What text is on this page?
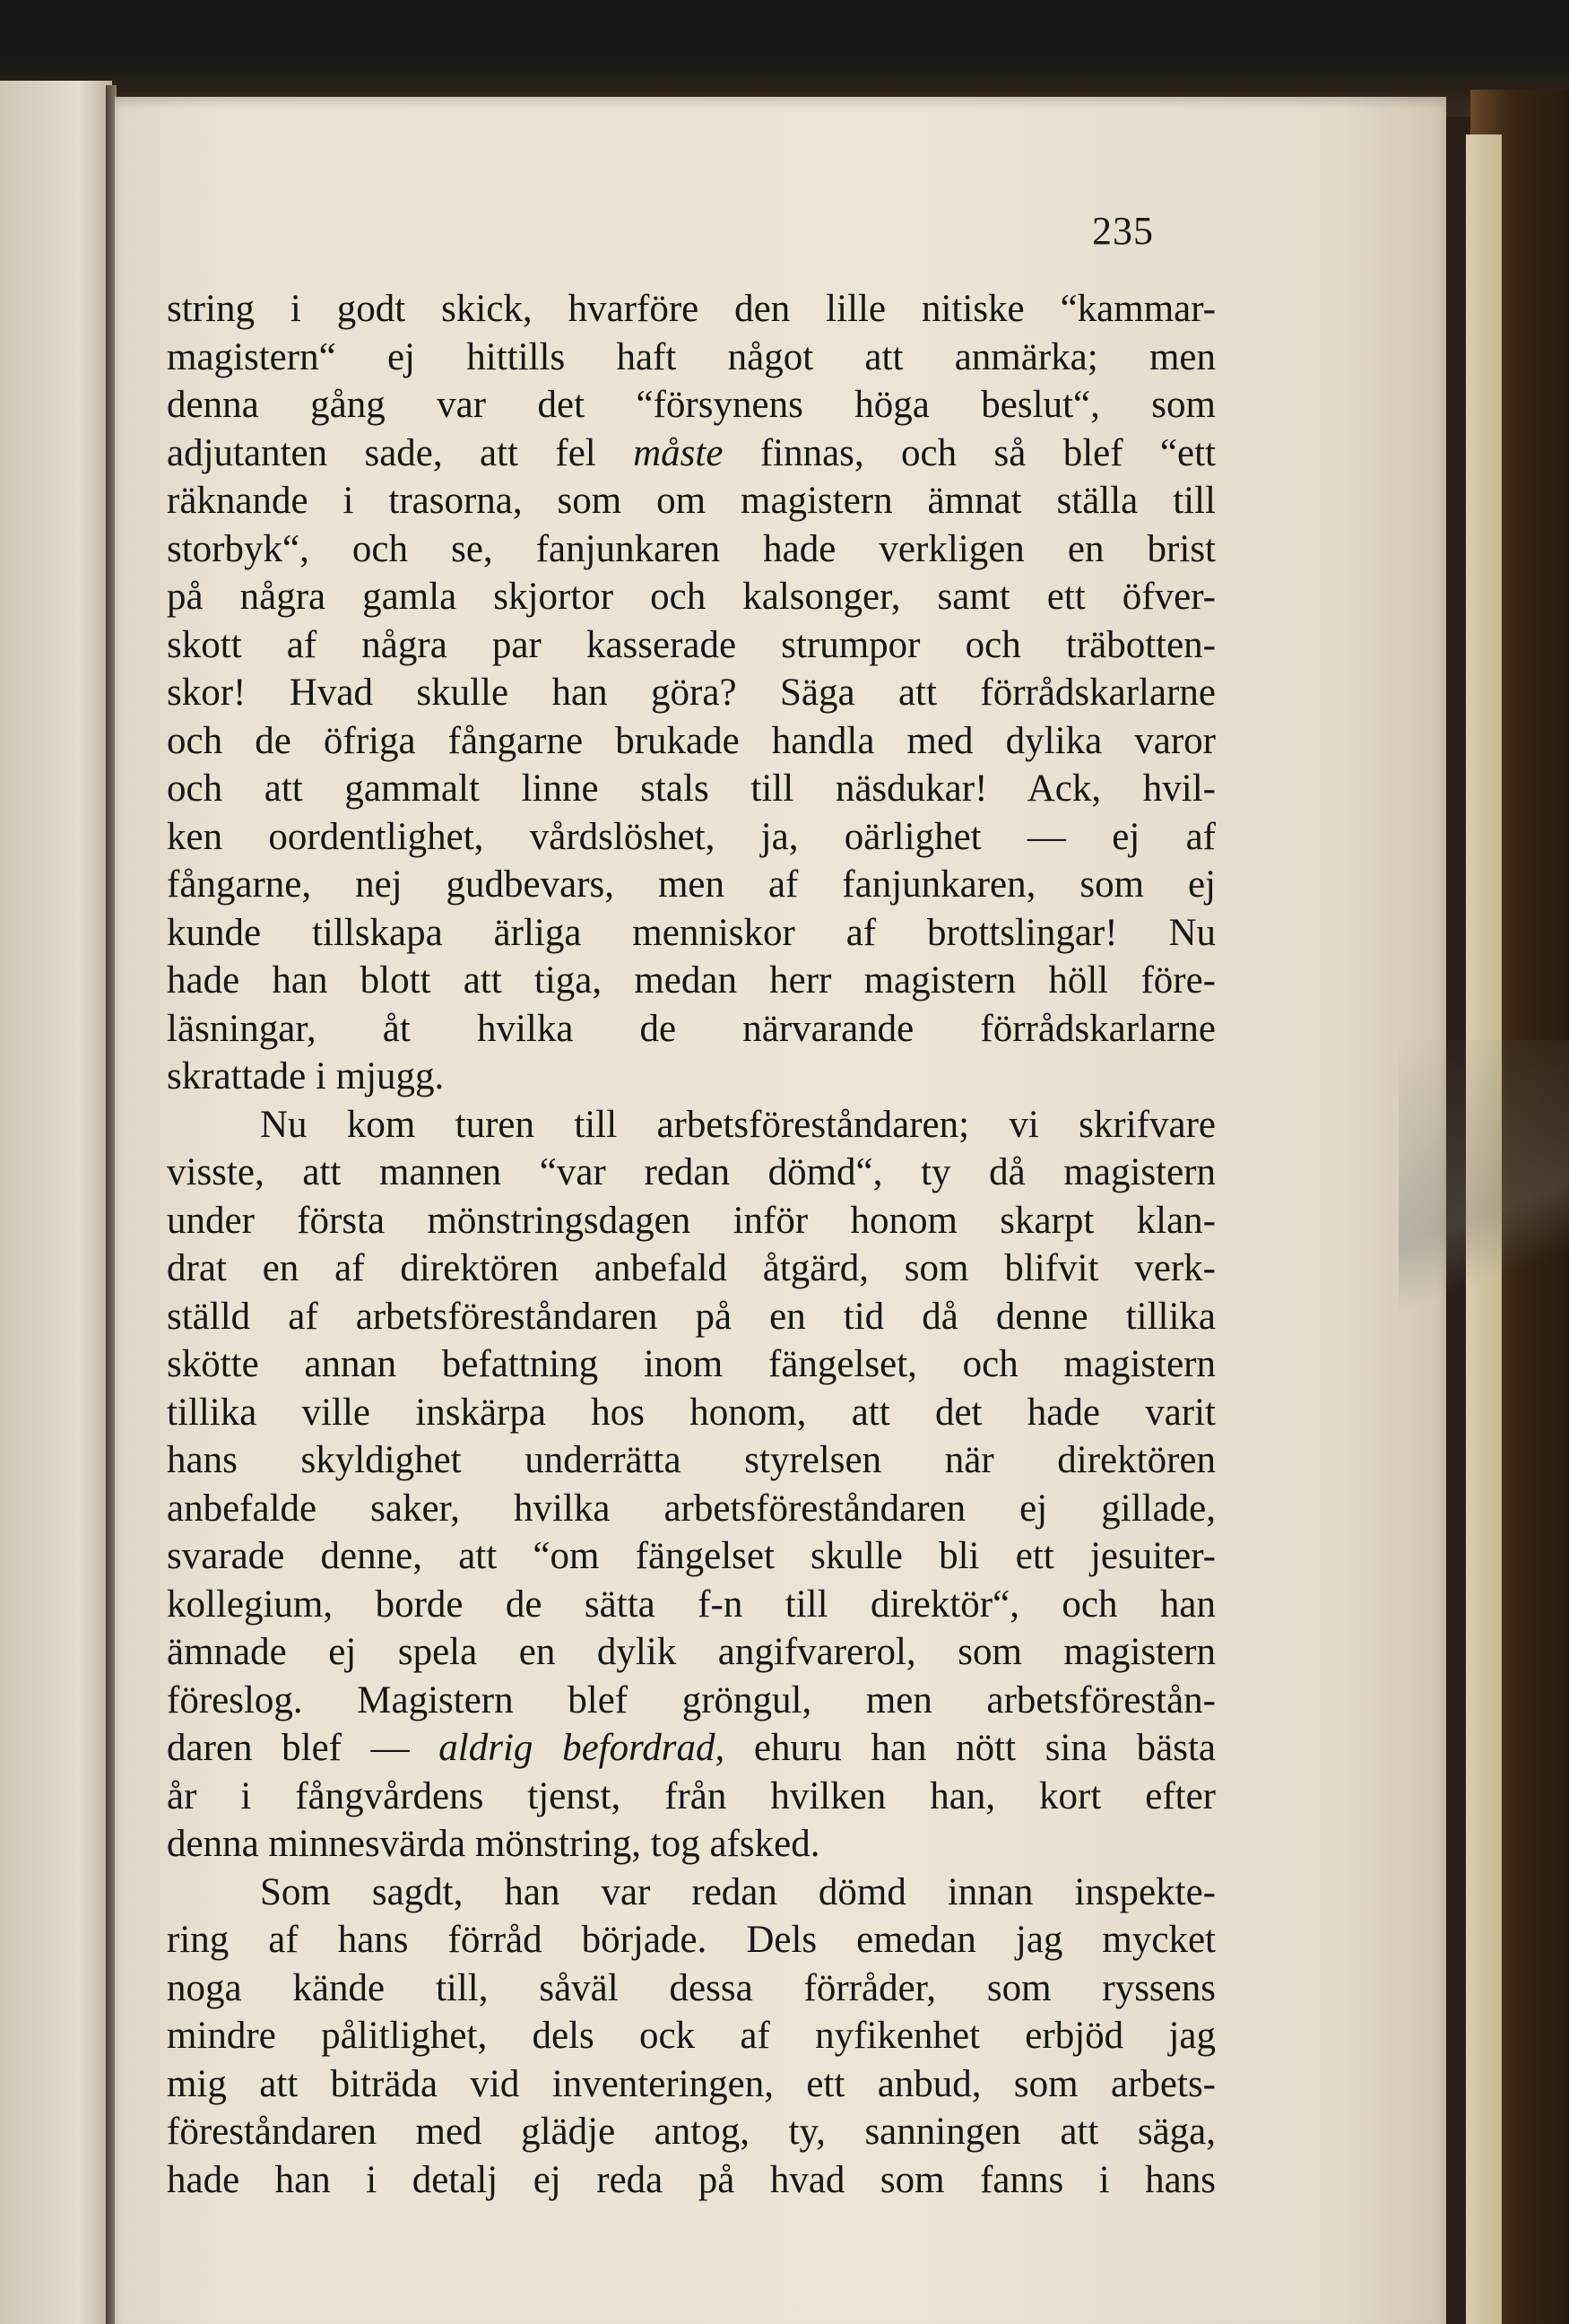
235
string i godt skick, hvarföre den lille nitiske “kammar-
magistern“ ej hittills haft något att anmärka; men
denna gång var det “försynens höga beslut“, som
adjutanten sade, att fel måste finnas, och så blef “ett
räknande i trasorna, som om magistern ämnat ställa till
storbyk“, och se, fanjunkaren hade verkligen en brist
på några gamla skjortor och kalsonger, samt ett öfver-
skott af några par kasserade strumpor och träbotten-
skor! Hvad skulle han göra? Säga att förrådskarlarne
och de öfriga fångarne brukade handla med dylika varor
och att gammalt linne stals till näsdukar! Ack, hvil-
ken oordentlighet, vårdslöshet, ja, oärlighet — ej af
fångarne, nej gudbevars, men af fanjunkaren, som ej
kunde tillskapa ärliga menniskor af brottslingar! Nu
hade han blott att tiga, medan herr magistern höll före-
läsningar, åt hvilka de närvarande förrådskarlarne
skrattade i mjugg.
Nu kom turen till arbetsföreståndaren; vi skrifvare
visste, att mannen “var redan dömd“, ty då magistern
under första mönstringsdagen inför honom skarpt klan-
drat en af direktören anbefald åtgärd, som blifvit verk-
ställd af arbetsföreståndaren på en tid då denne tillika
skötte annan befattning inom fängelset, och magistern
tillika ville inskärpa hos honom, att det hade varit
hans skyldighet underrätta styrelsen när direktören
anbefalde saker, hvilka arbetsföreståndaren ej gillade,
svarade denne, att “om fängelset skulle bli ett jesuiter-
kollegium, borde de sätta f-n till direktör“, och han
ämnade ej spela en dylik angifvarerol, som magistern
föreslog. Magistern blef gröngul, men arbetsförestån-
daren blef — aldrig befordrad, ehuru han nött sina bästa
år i fångvårdens tjenst, från hvilken han, kort efter
denna minnesvärda mönstring, tog afsked.
Som sagdt, han var redan dömd innan inspekte-
ring af hans förråd började. Dels emedan jag mycket
noga kände till, såväl dessa förråder, som ryssens
mindre pålitlighet, dels ock af nyfikenhet erbjöd jag
mig att biträda vid inventeringen, ett anbud, som arbets-
föreståndaren med glädje antog, ty, sanningen att säga,
hade han i detalj ej reda på hvad som fanns i hans
